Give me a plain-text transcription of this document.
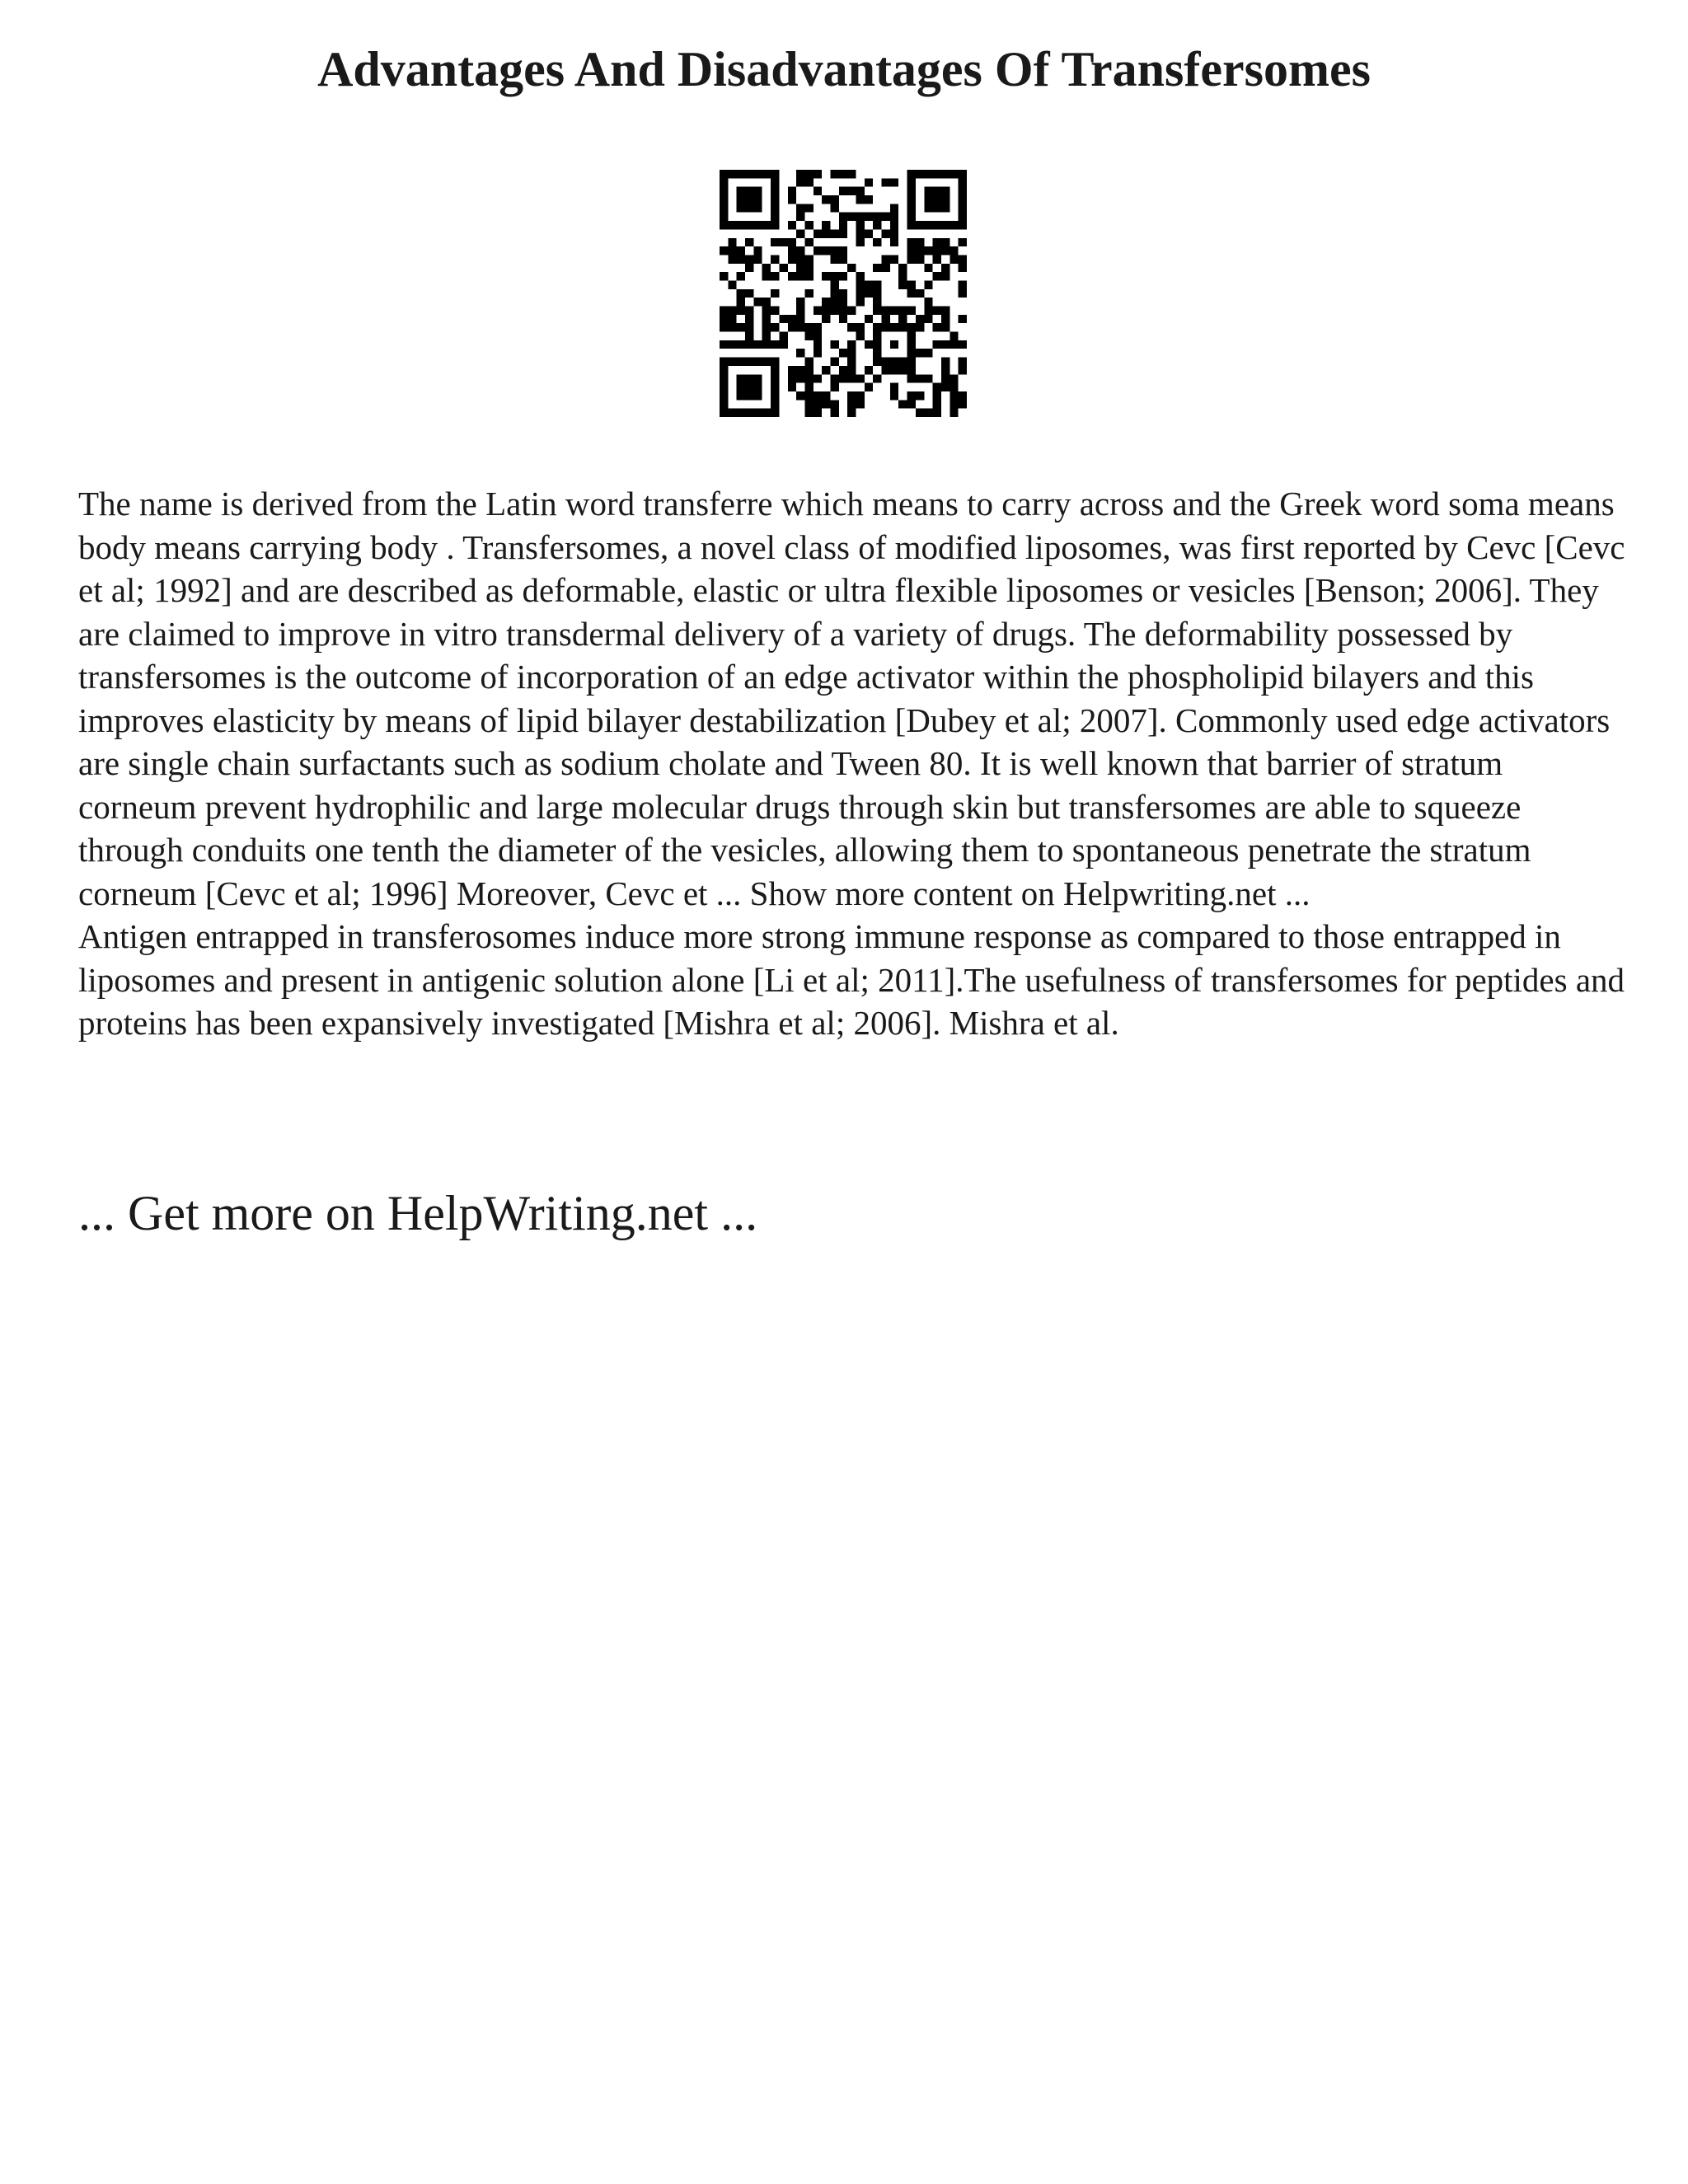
Advantages And Disadvantages Of Transfersomes

The name is derived from the Latin word transferre which means to carry across and the Greek word soma means body means carrying body . Transfersomes, a novel class of modified liposomes, was first reported by Cevc [Cevc et al; 1992] and are described as deformable, elastic or ultra flexible liposomes or vesicles [Benson; 2006]. They are claimed to improve in vitro transdermal delivery of a variety of drugs. The deformability possessed by transfersomes is the outcome of incorporation of an edge activator within the phospholipid bilayers and this improves elasticity by means of lipid bilayer destabilization [Dubey et al; 2007]. Commonly used edge activators are single chain surfactants such as sodium cholate and Tween 80. It is well known that barrier of stratum corneum prevent hydrophilic and large molecular drugs through skin but transfersomes are able to squeeze through conduits one tenth the diameter of the vesicles, allowing them to spontaneous penetrate the stratum corneum [Cevc et al; 1996] Moreover, Cevc et ... Show more content on Helpwriting.net ...

Antigen entrapped in transferosomes induce more strong immune response as compared to those entrapped in liposomes and present in antigenic solution alone [Li et al; 2011].The usefulness of transfersomes for peptides and proteins has been expansively investigated [Mishra et al; 2006]. Mishra et al.

... Get more on HelpWriting.net ...
